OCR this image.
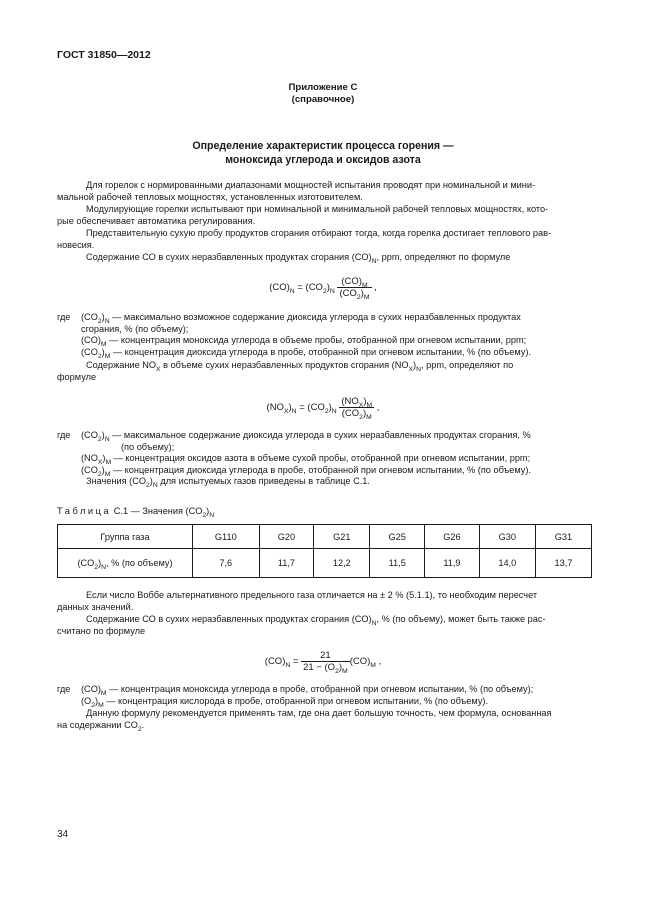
ГОСТ 31850—2012
Приложение С
(справочное)
Определение характеристик процесса горения —
моноксида углерода и оксидов азота
Для горелок с нормированными диапазонами мощностей испытания проводят при номинальной и мини-
мальной рабочей тепловых мощностях, установленных изготовителем.
Модулирующие горелки испытывают при номинальной и минимальной рабочей тепловых мощностях, кото-
рые обеспечивает автоматика регулирования.
Представительную сухую пробу продуктов сгорания отбирают тогда, когда горелка достигает теплового рав-
новесия.
Содержание СО в сухих неразбавленных продуктах сгорания $(CO)_N$, ppm, определяют по формуле
$(CO)_N = (CO_2)_N \frac{(CO)_M}{(CO_2)_M}$ ,
где $(CO_2)_N$ — максимально возможное содержание диоксида углерода в сухих неразбавленных продуктах
сгорания, % (по объему);
$(CO)_M$ — концентрация моноксида углерода в объеме пробы, отобранной при огневом испытании, ppm;
$(CO_2)_M$ — концентрация диоксида углерода в пробе, отобранной при огневом испытании, % (по объему).
Содержание $NO_X$ в объеме сухих неразбавленных продуктов сгорания $(NO_X)_N$, ppm, определяют по
формуле
$(NO_X)_N = (CO_2)_N \frac{(NO_X)_M}{(CO_2)_M}$ ,
где $(CO_2)_N$ — максимальное содержание диоксида углерода в сухих неразбавленных продуктах сгорания, %
(по объему);
$(NO_X)_M$ — концентрация оксидов азота в объеме сухой пробы, отобранной при огневом испытании, ppm;
$(CO_2)_M$ — концентрация диоксида углерода в пробе, отобранной при огневом испытании, % (по объему).
Значения $(CO_2)_N$ для испытуемых газов приведены в таблице С.1.
Таблица С.1 — Значения $(CO_2)_N$
Группа газа	G110	G20	G21	G25	G26	G30	G31
$(CO_2)_N$, % (по объему)	7,6	11,7	12,2	11,5	11,9	14,0	13,7
Если число Воббе альтернативного предельного газа отличается на ± 2 % (5.1.1), то необходим пересчет
данных значений.
Содержание СО в сухих неразбавленных продуктах сгорания $(CO)_N$, % (по объему), может быть также рас-
считано по формуле
$(CO)_N = \frac{21}{21 - (O_2)_M} (CO)_M$ ,
где $(CO)_M$ — концентрация моноксида углерода в пробе, отобранной при огневом испытании, % (по объему);
$(O_2)_M$ — концентрация кислорода в пробе, отобранной при огневом испытании, % (по объему).
Данную формулу рекомендуется применять там, где она дает большую точность, чем формула, основанная
на содержании $CO_2$.
34
